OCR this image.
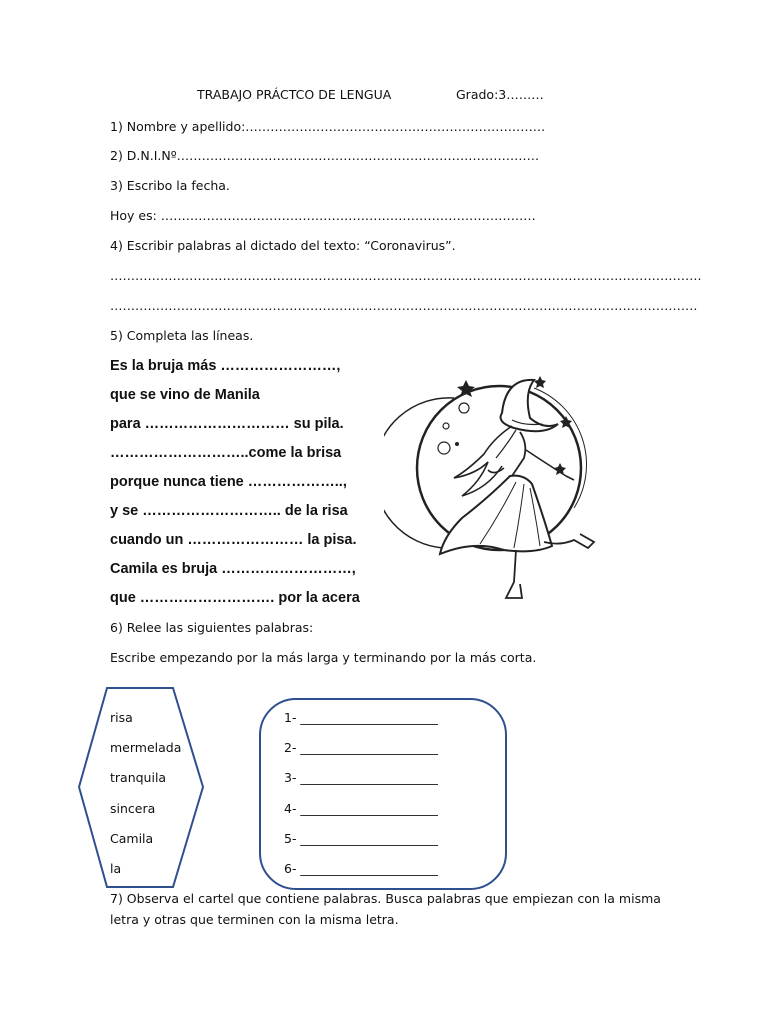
TRABAJO PRÁCTCO DE LENGUA	Grado:3………
1) Nombre y apellido:………………………………………………………………
2) D.N.I.Nº……………………………………………………………………………
3) Escribo la fecha.
Hoy es: ………………………………………………………………………………
4) Escribir palabras al dictado del texto: “Coronavirus”.
…………………………………………………………………………………………………………………………….
……………………………………………………………………………………………………………………………
5) Completa las líneas.
Es la bruja más ……………………,
que se vino de Manila
para ………………………… su pila.
………………………..come la brisa
porque nunca tiene ………………..,
y se ……………………….. de la risa
cuando un …………………… la pisa.
Camila es bruja ………………………,
que ………………………. por la acera
6) Relee las siguientes palabras:
Escribe empezando por la más larga y terminando por la más corta.
risa
mermelada
tranquila
sincera
Camila
la
1- ______________________
2- ______________________
3- ______________________
4- ______________________
5- ______________________
6- ______________________
7) Observa el cartel que contiene palabras. Busca palabras que empiezan con la misma
letra y otras que terminen con la misma letra.
